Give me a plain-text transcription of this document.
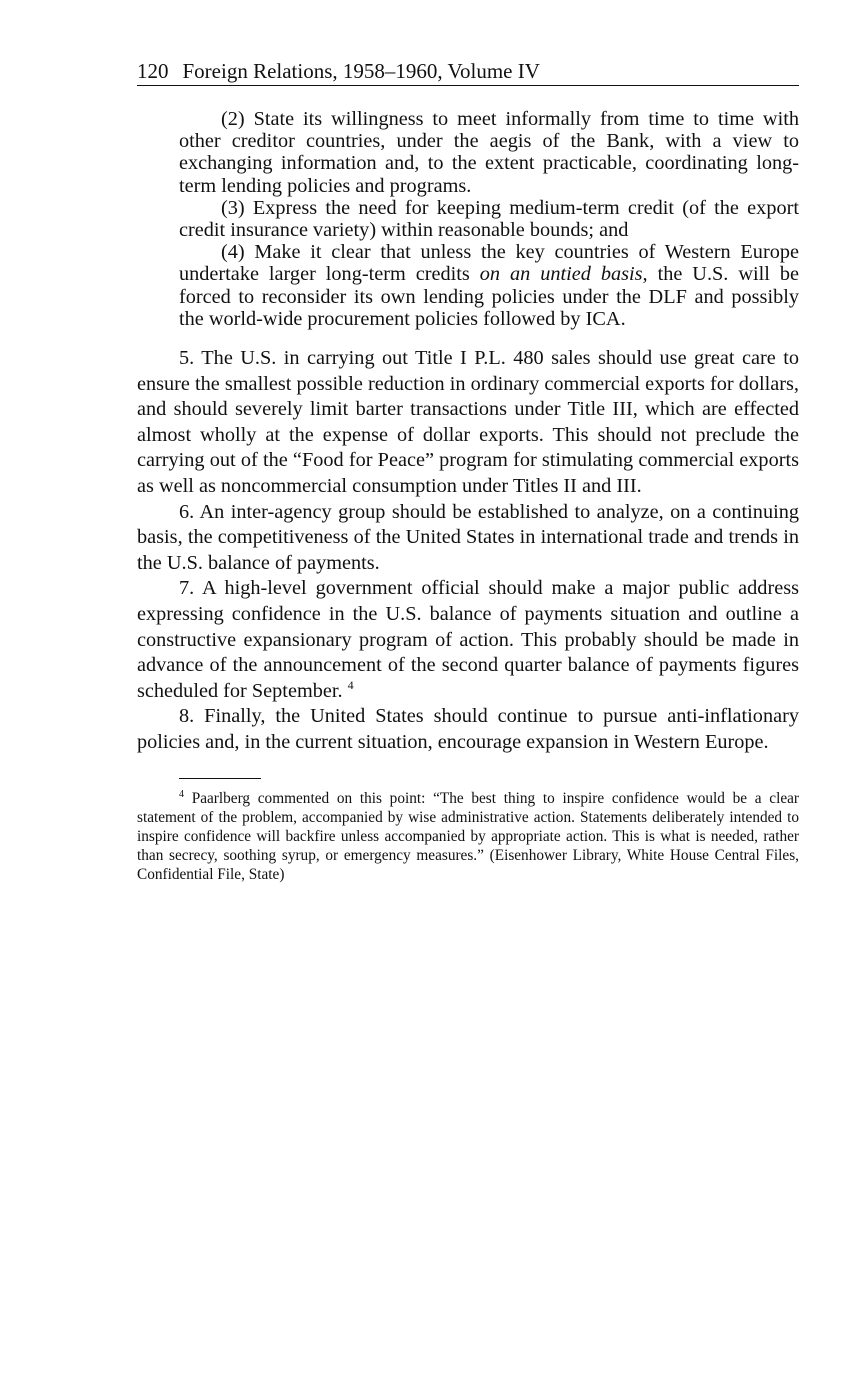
120 Foreign Relations, 1958–1960, Volume IV

(2) State its willingness to meet informally from time to time with other creditor countries, under the aegis of the Bank, with a view to exchanging information and, to the extent practicable, coordinating long-term lending policies and programs.

(3) Express the need for keeping medium-term credit (of the export credit insurance variety) within reasonable bounds; and

(4) Make it clear that unless the key countries of Western Europe undertake larger long-term credits on an untied basis, the U.S. will be forced to reconsider its own lending policies under the DLF and possibly the world-wide procurement policies followed by ICA.

5. The U.S. in carrying out Title I P.L. 480 sales should use great care to ensure the smallest possible reduction in ordinary commercial exports for dollars, and should severely limit barter transactions under Title III, which are effected almost wholly at the expense of dollar exports. This should not preclude the carrying out of the “Food for Peace” program for stimulating commercial exports as well as noncommercial consumption under Titles II and III.

6. An inter-agency group should be established to analyze, on a continuing basis, the competitiveness of the United States in international trade and trends in the U.S. balance of payments.

7. A high-level government official should make a major public address expressing confidence in the U.S. balance of payments situation and outline a constructive expansionary program of action. This probably should be made in advance of the announcement of the second quarter balance of payments figures scheduled for September. $^4$

8. Finally, the United States should continue to pursue anti-inflationary policies and, in the current situation, encourage expansion in Western Europe.

$^4$ Paarlberg commented on this point: “The best thing to inspire confidence would be a clear statement of the problem, accompanied by wise administrative action. Statements deliberately intended to inspire confidence will backfire unless accompanied by appropriate action. This is what is needed, rather than secrecy, soothing syrup, or emergency measures.” (Eisenhower Library, White House Central Files, Confidential File, State)
